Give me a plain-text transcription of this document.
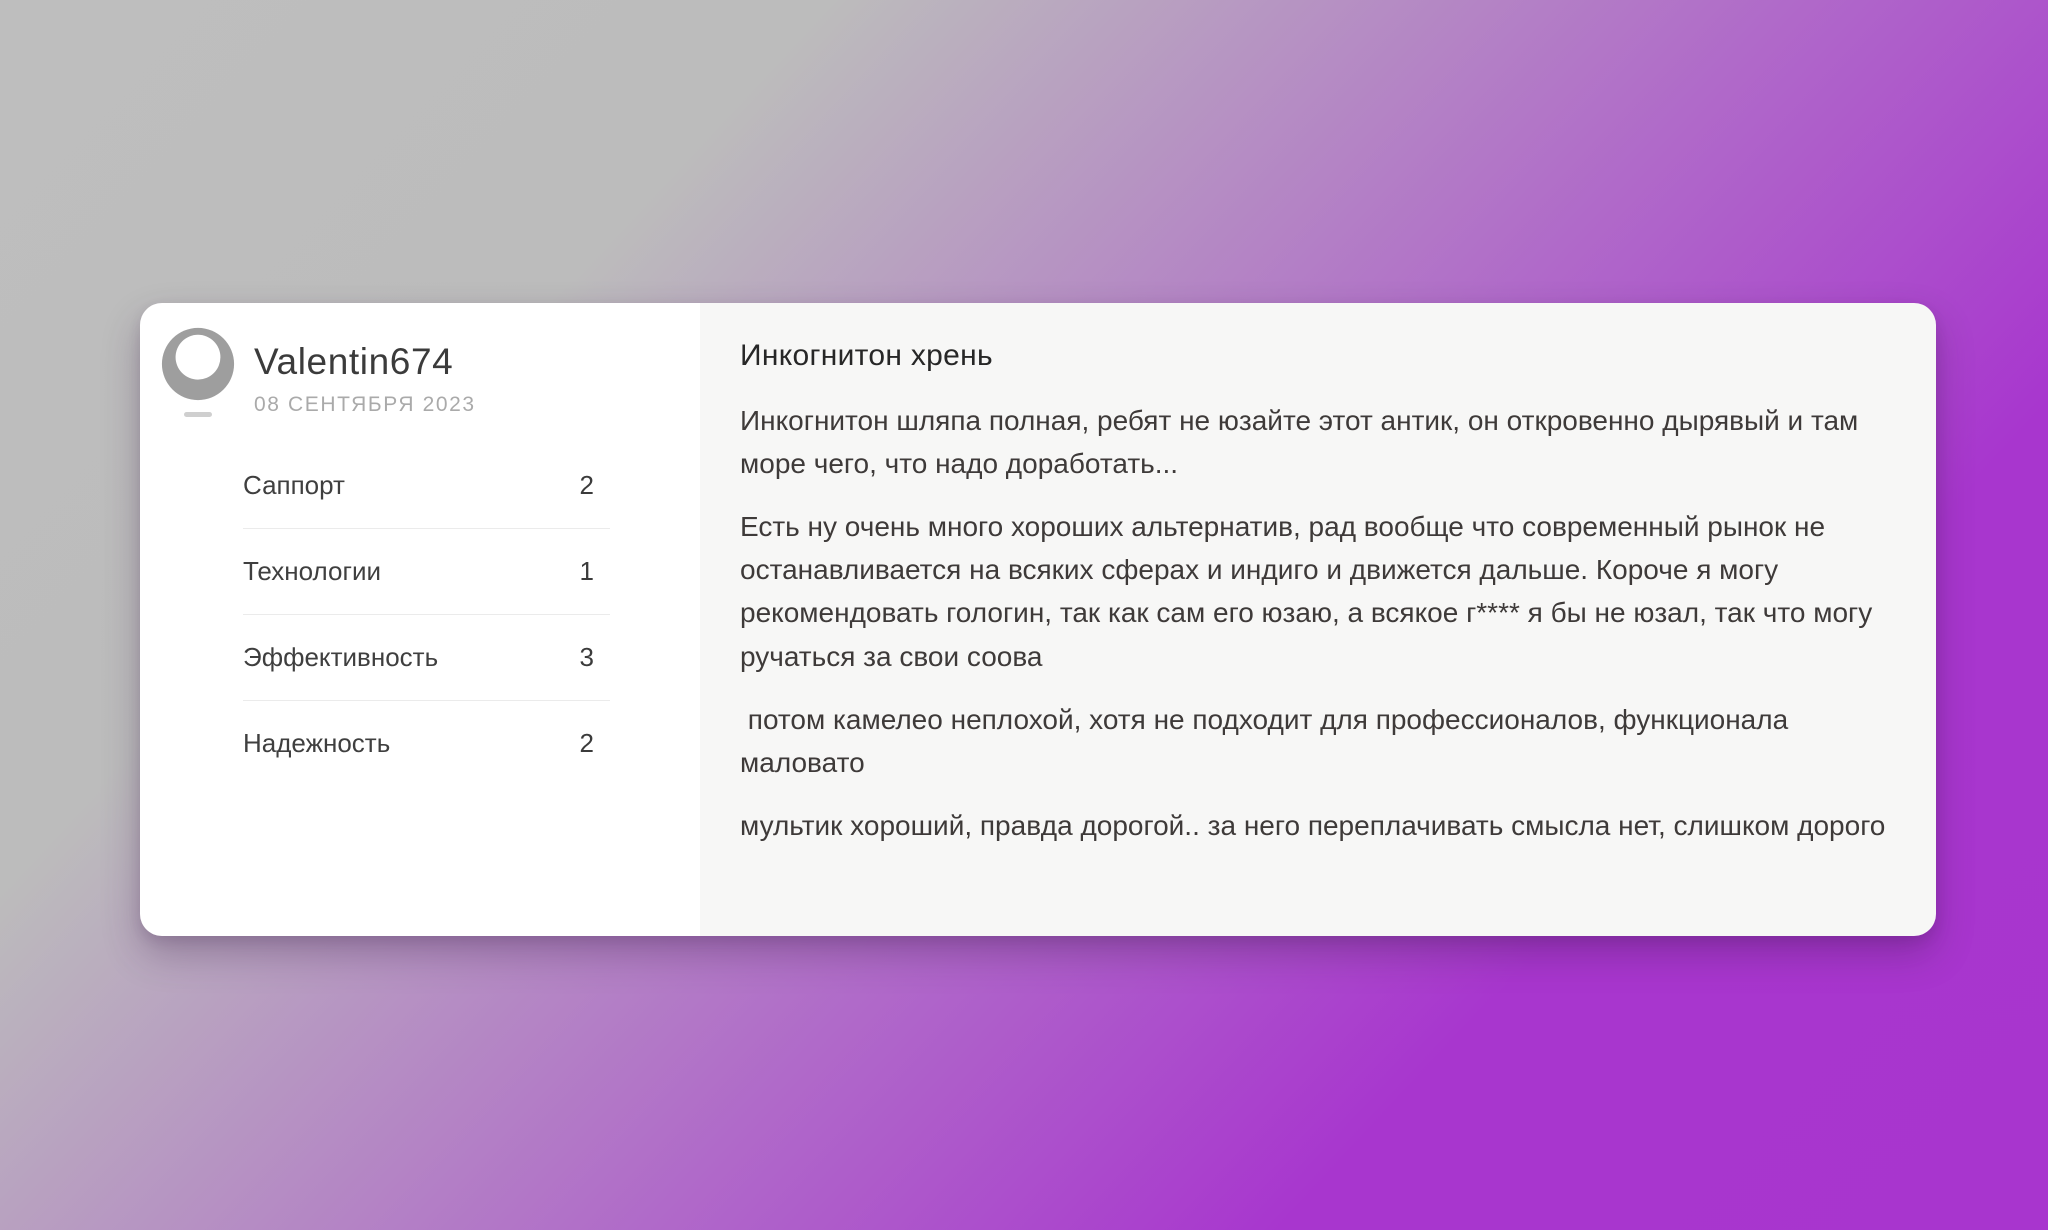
Valentin674
08 СЕНТЯБРЯ 2023
Саппорт	2
Технологии	1
Эффективность	3
Надежность	2
Инкогнитон хрень

Инкогнитон шляпа полная, ребят не юзайте этот антик, он откровенно дырявый и там море чего, что надо доработать...

Есть ну очень много хороших альтернатив, рад вообще что современный рынок не останавливается на всяких сферах и индиго и движется дальше. Короче я могу рекомендовать гологин, так как сам его юзаю, а всякое г**** я бы не юзал, так что могу ручаться за свои соова

потом камелео неплохой, хотя не подходит для профессионалов, функционала маловато

мультик хороший, правда дорогой.. за него переплачивать смысла нет, слишком дорого
